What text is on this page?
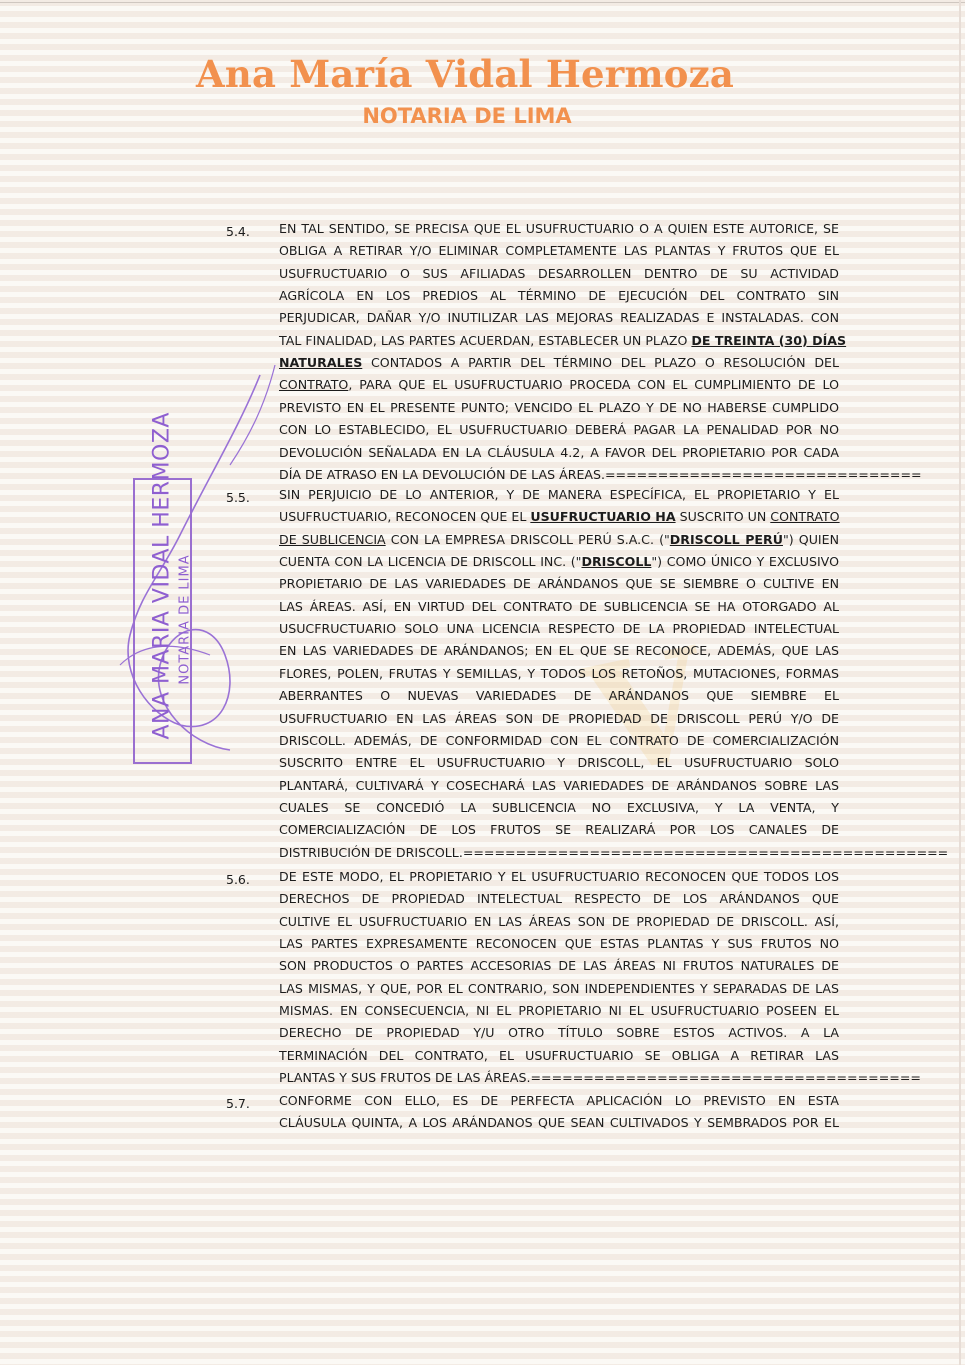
V
Ana María Vidal Hermoza
NOTARIA DE LIMA
5.4. EN TAL SENTIDO, SE PRECISA QUE EL USUFRUCTUARIO O A QUIEN ESTE AUTORICE, SE
OBLIGA A RETIRAR Y/O ELIMINAR COMPLETAMENTE LAS PLANTAS Y FRUTOS QUE EL
USUFRUCTUARIO O SUS AFILIADAS DESARROLLEN DENTRO DE SU ACTIVIDAD
AGRÍCOLA EN LOS PREDIOS AL TÉRMINO DE EJECUCIÓN DEL CONTRATO SIN
PERJUDICAR, DAÑAR Y/O INUTILIZAR LAS MEJORAS REALIZADAS E INSTALADAS. CON
TAL FINALIDAD, LAS PARTES ACUERDAN, ESTABLECER UN PLAZO DE TREINTA (30) DÍAS
NATURALES CONTADOS A PARTIR DEL TÉRMINO DEL PLAZO O RESOLUCIÓN DEL
CONTRATO, PARA QUE EL USUFRUCTUARIO PROCEDA CON EL CUMPLIMIENTO DE LO
PREVISTO EN EL PRESENTE PUNTO; VENCIDO EL PLAZO Y DE NO HABERSE CUMPLIDO
CON LO ESTABLECIDO, EL USUFRUCTUARIO DEBERÁ PAGAR LA PENALIDAD POR NO
DEVOLUCIÓN SEÑALADA EN LA CLÁUSULA 4.2, A FAVOR DEL PROPIETARIO POR CADA
DÍA DE ATRASO EN LA DEVOLUCIÓN DE LAS ÁREAS.==============================
5.5. SIN PERJUICIO DE LO ANTERIOR, Y DE MANERA ESPECÍFICA, EL PROPIETARIO Y EL
USUFRUCTUARIO, RECONOCEN QUE EL USUFRUCTUARIO HA SUSCRITO UN CONTRATO
DE SUBLICENCIA CON LA EMPRESA DRISCOLL PERÚ S.A.C. ("DRISCOLL PERÚ") QUIEN
CUENTA CON LA LICENCIA DE DRISCOLL INC. ("DRISCOLL") COMO ÚNICO Y EXCLUSIVO
PROPIETARIO DE LAS VARIEDADES DE ARÁNDANOS QUE SE SIEMBRE O CULTIVE EN
LAS ÁREAS. ASÍ, EN VIRTUD DEL CONTRATO DE SUBLICENCIA SE HA OTORGADO AL
USUCFRUCTUARIO SOLO UNA LICENCIA RESPECTO DE LA PROPIEDAD INTELECTUAL
EN LAS VARIEDADES DE ARÁNDANOS; EN EL QUE SE RECONOCE, ADEMÁS, QUE LAS
FLORES, POLEN, FRUTAS Y SEMILLAS, Y TODOS LOS RETOÑOS, MUTACIONES, FORMAS
ABERRANTES O NUEVAS VARIEDADES DE ARÁNDANOS QUE SIEMBRE EL
USUFRUCTUARIO EN LAS ÁREAS SON DE PROPIEDAD DE DRISCOLL PERÚ Y/O DE
DRISCOLL. ADEMÁS, DE CONFORMIDAD CON EL CONTRATO DE COMERCIALIZACIÓN
SUSCRITO ENTRE EL USUFRUCTUARIO Y DRISCOLL, EL USUFRUCTUARIO SOLO
PLANTARÁ, CULTIVARÁ Y COSECHARÁ LAS VARIEDADES DE ARÁNDANOS SOBRE LAS
CUALES SE CONCEDIÓ LA SUBLICENCIA NO EXCLUSIVA, Y LA VENTA, Y
COMERCIALIZACIÓN DE LOS FRUTOS SE REALIZARÁ POR LOS CANALES DE
DISTRIBUCIÓN DE DRISCOLL.==============================================
5.6. DE ESTE MODO, EL PROPIETARIO Y EL USUFRUCTUARIO RECONOCEN QUE TODOS LOS
DERECHOS DE PROPIEDAD INTELECTUAL RESPECTO DE LOS ARÁNDANOS QUE
CULTIVE EL USUFRUCTUARIO EN LAS ÁREAS SON DE PROPIEDAD DE DRISCOLL. ASÍ,
LAS PARTES EXPRESAMENTE RECONOCEN QUE ESTAS PLANTAS Y SUS FRUTOS NO
SON PRODUCTOS O PARTES ACCESORIAS DE LAS ÁREAS NI FRUTOS NATURALES DE
LAS MISMAS, Y QUE, POR EL CONTRARIO, SON INDEPENDIENTES Y SEPARADAS DE LAS
MISMAS. EN CONSECUENCIA, NI EL PROPIETARIO NI EL USUFRUCTUARIO POSEEN EL
DERECHO DE PROPIEDAD Y/U OTRO TÍTULO SOBRE ESTOS ACTIVOS. A LA
TERMINACIÓN DEL CONTRATO, EL USUFRUCTUARIO SE OBLIGA A RETIRAR LAS
PLANTAS Y SUS FRUTOS DE LAS ÁREAS.=====================================
5.7. CONFORME CON ELLO, ES DE PERFECTA APLICACIÓN LO PREVISTO EN ESTA
CLÁUSULA QUINTA, A LOS ARÁNDANOS QUE SEAN CULTIVADOS Y SEMBRADOS POR EL
ANA MARIA VIDAL HERMOZA NOTARIA DE LIMA
